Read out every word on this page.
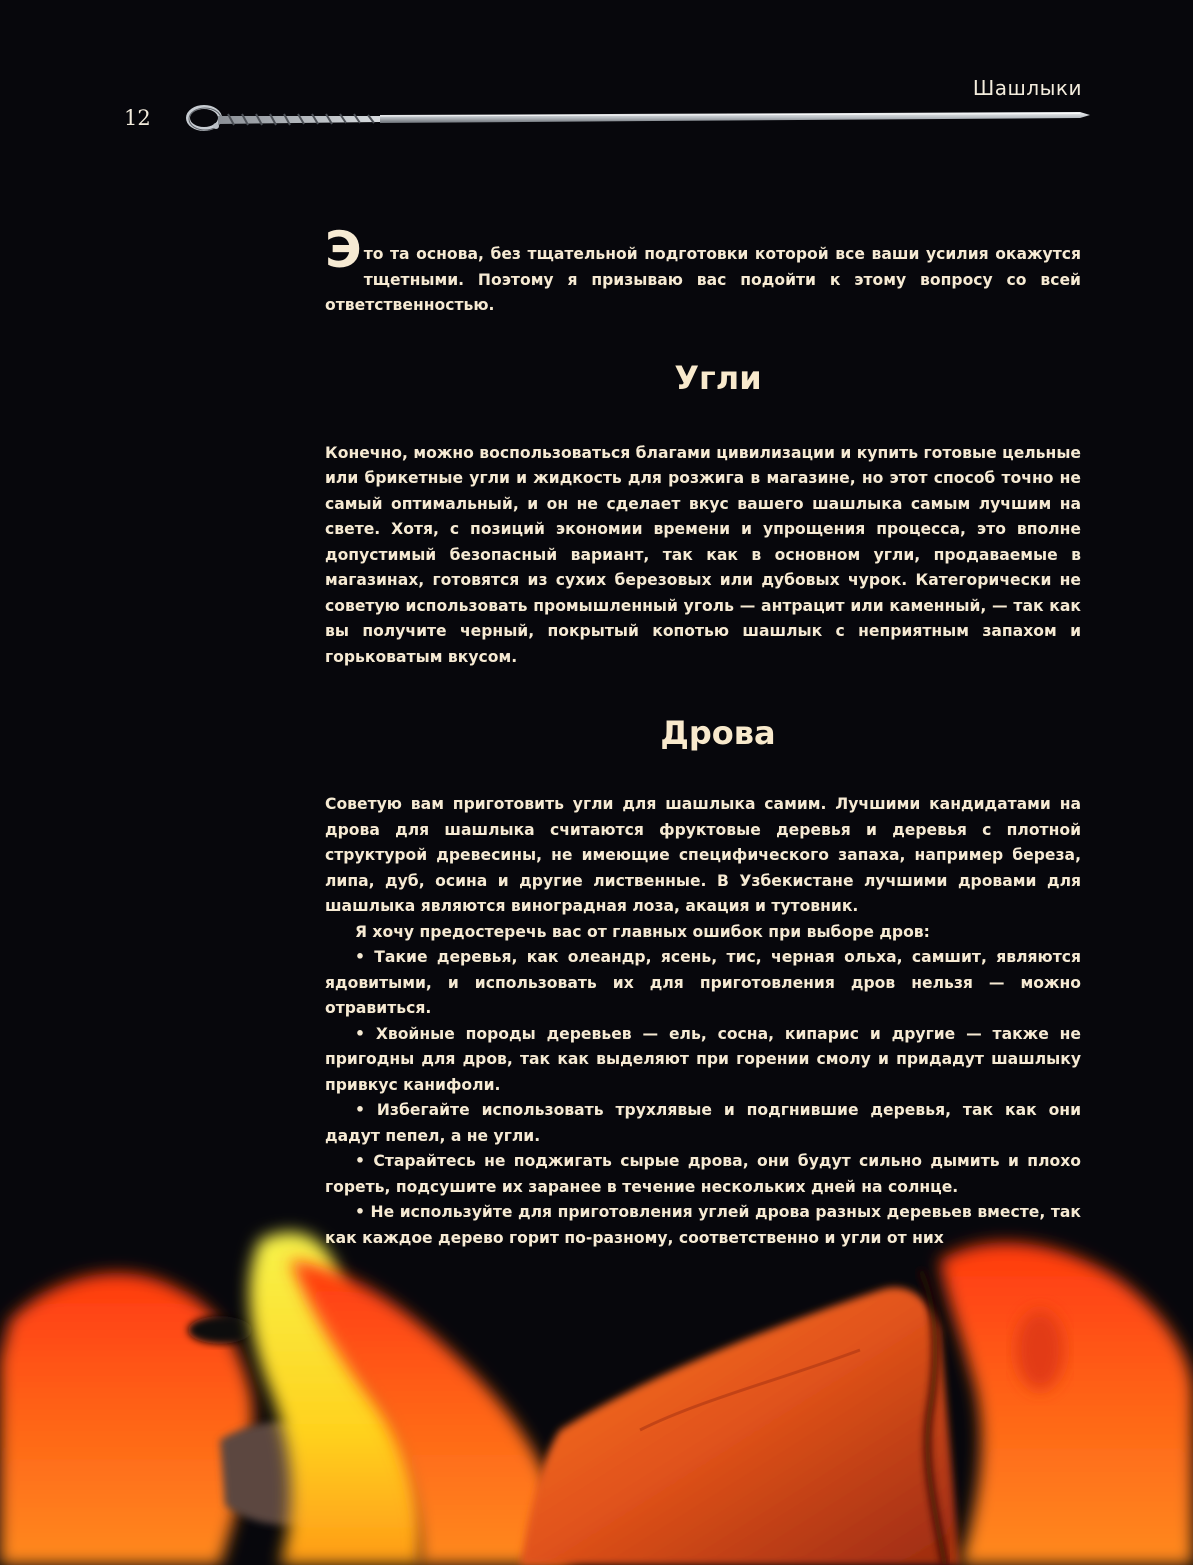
Шашлыки
12
Э то та основа, без тщательной подготовки которой все ваши усилия окажутся тщетными. Поэтому я призываю вас подойти к этому вопросу со всей ответственностью.

Угли

Конечно, можно воспользоваться благами цивилизации и купить готовые цельные или брикетные угли и жидкость для розжига в магазине, но этот способ точно не самый оптимальный, и он не сделает вкус вашего шашлыка самым лучшим на свете. Хотя, с позиций экономии времени и упрощения процесса, это вполне допустимый безопасный вариант, так как в основном угли, продаваемые в магазинах, готовятся из сухих березовых или дубовых чурок. Категорически не советую использовать промышленный уголь — антрацит или каменный, — так как вы получите черный, покрытый копотью шашлык с неприятным запахом и горьковатым вкусом.

Дрова

Советую вам приготовить угли для шашлыка самим. Лучшими кандидатами на дрова для шашлыка считаются фруктовые деревья и деревья с плотной структурой древесины, не имеющие специфического запаха, например береза, липа, дуб, осина и другие лиственные. В Узбекистане лучшими дровами для шашлыка являются виноградная лоза, акация и тутовник.

Я хочу предостеречь вас от главных ошибок при выборе дров:

• Такие деревья, как олеандр, ясень, тис, черная ольха, самшит, являются ядовитыми, и использовать их для приготовления дров нельзя — можно отравиться.

• Хвойные породы деревьев — ель, сосна, кипарис и другие — также не пригодны для дров, так как выделяют при горении смолу и придадут шашлыку привкус канифоли.

• Избегайте использовать трухлявые и подгнившие деревья, так как они дадут пепел, а не угли.

• Старайтесь не поджигать сырые дрова, они будут сильно дымить и плохо гореть, подсушите их заранее в течение нескольких дней на солнце.

• Не используйте для приготовления углей дрова разных деревьев вместе, так как каждое дерево горит по-разному, соответственно и угли от них
